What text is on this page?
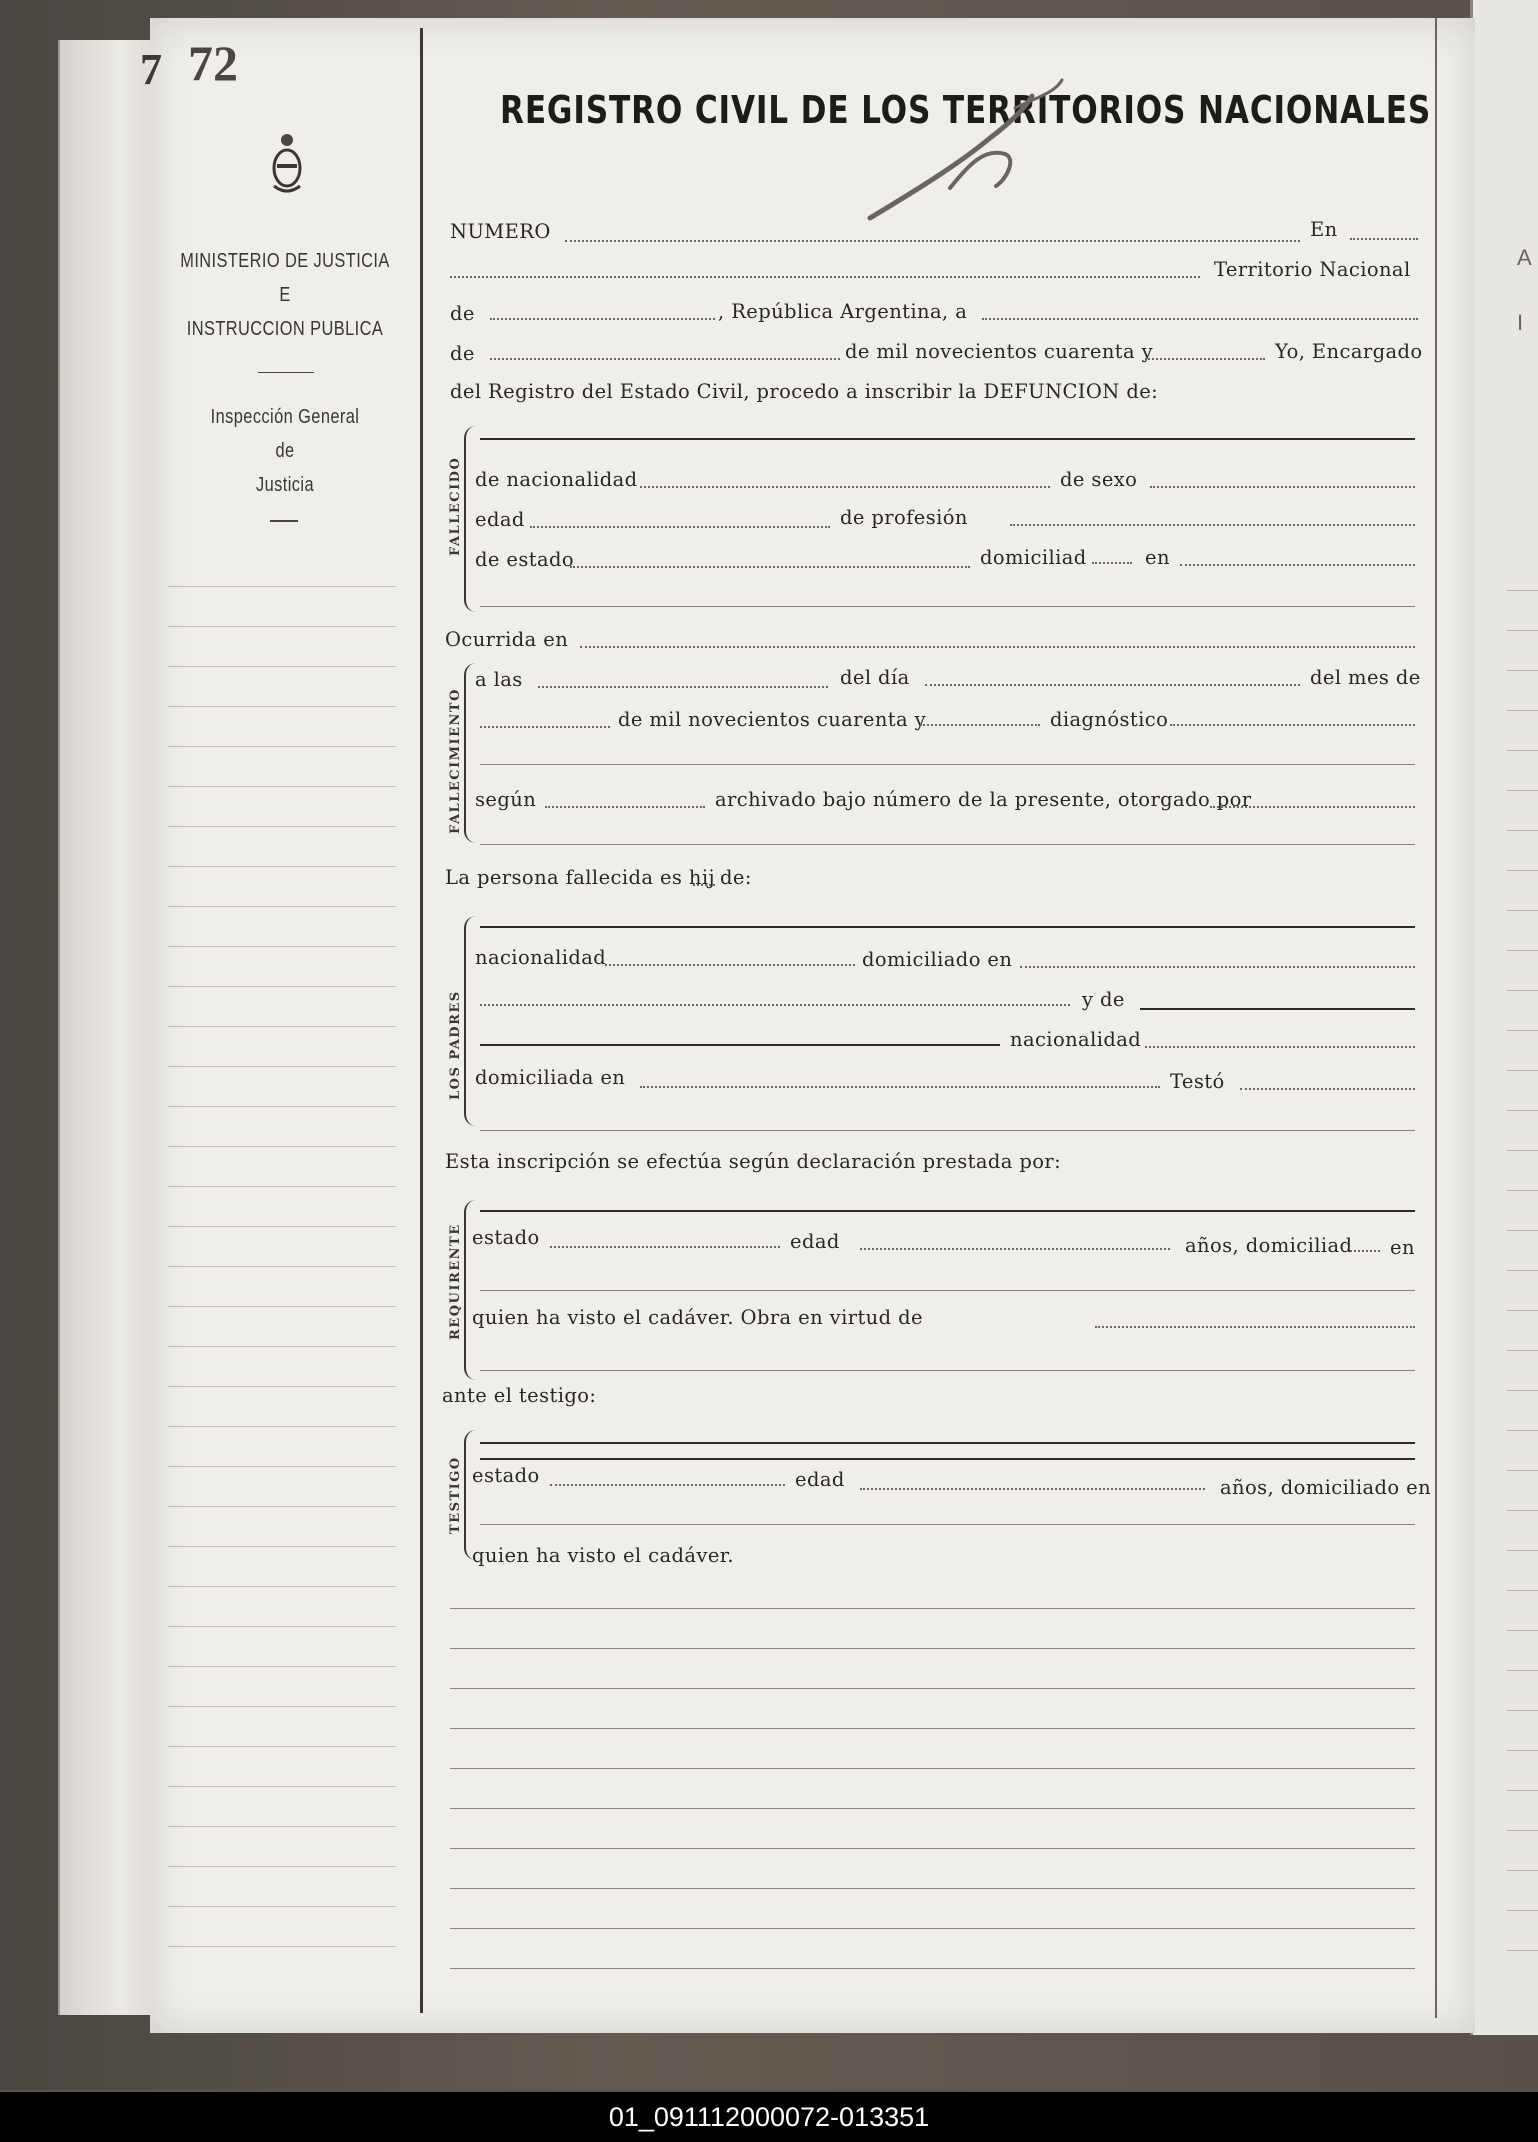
A
I
7 72
MINISTERIO DE JUSTICIA
E
INSTRUCCION PUBLICA
Inspección General
de
Justicia
REGISTRO CIVIL DE LOS TERRITORIOS NACIONALES
NUMERO	En
Territorio Nacional
de	, República Argentina, a
de	de mil novecientos cuarenta y	Yo, Encargado
del Registro del Estado Civil, procedo a inscribir la DEFUNCION de:
FALLECIDO de nacionalidad	de sexo
edad	de profesión
de estado	domiciliad	en
Ocurrida en
FALLECIMIENTO
a las	del día	del mes de
de mil novecientos cuarenta y	diagnóstico
según	archivado bajo número de la presente, otorgado por
La persona fallecida es hij de:
LOS PADRES
nacionalidad	domiciliado en
y de
nacionalidad
domiciliada en	Testó
Esta inscripción se efectúa según declaración prestada por:
REQUIRENTE estado	edad	años, domiciliad en
quien ha visto el cadáver. Obra en virtud de
ante el testigo:
TESTIGO estado	edad	años, domiciliado en
quien ha visto el cadáver.
01_091112000072-013351
